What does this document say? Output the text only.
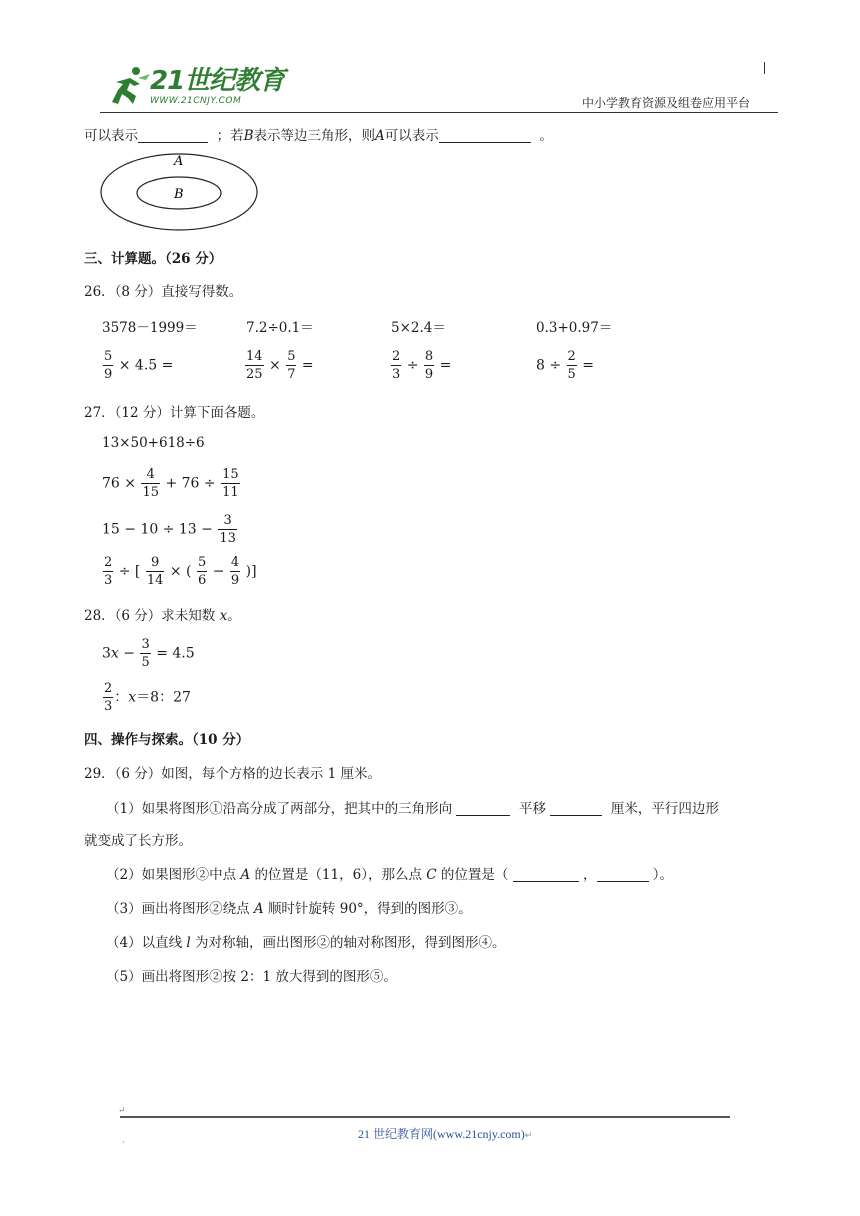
21世纪教育
WWW.21CNJY.COM	中小学教育资源及组卷应用平台
可以表示	；若B表示等边三角形，则A可以表示	。
A
B
三、计算题。（26 分）
26．（8 分）直接写得数。
3578－1999＝	7.2÷0.1＝	5×2.4＝	0.3+0.97＝
$\frac{5}{9} \times 4.5$ =	$\frac{14}{25} \times \frac{5}{7}$ =	$\frac{2}{3} \div \frac{8}{9}$ =	$8 \div \frac{2}{5}$ =
27．（12 分）计算下面各题。
13×50+618÷6
$76 \times \frac{4}{15} + 76 \div \frac{15}{11}$
$15 - 10 \div 13 - \frac{3}{13}$
$\frac{2}{3}$ ÷ [ $\frac{9}{14}$ × ( $\frac{5}{6} - \frac{4}{9}$ )]
28．（6 分）求未知数 x。
$3x - \frac{3}{5} = 4.5$
$\frac{2}{3}$ ：x＝8：27
四、操作与探索。（10 分）
29．（6 分）如图，每个方格的边长表示 1 厘米。
（1）如果将图形①沿高分成了两部分，把其中的三角形向	平移	厘米，平行四边形
就变成了长方形。
（2）如果图形②中点 A 的位置是（11，6），那么点 C 的位置是（	，	）。
（3）画出将图形②绕点 A 顺时针旋转 90°，得到的图形③。
（4）以直线 l 为对称轴，画出图形②的轴对称图形，得到图形④。
（5）画出将图形②按 2：1 放大得到的图形⑤。
↵
21 世纪教育网(www.21cnjy.com)↵
·
